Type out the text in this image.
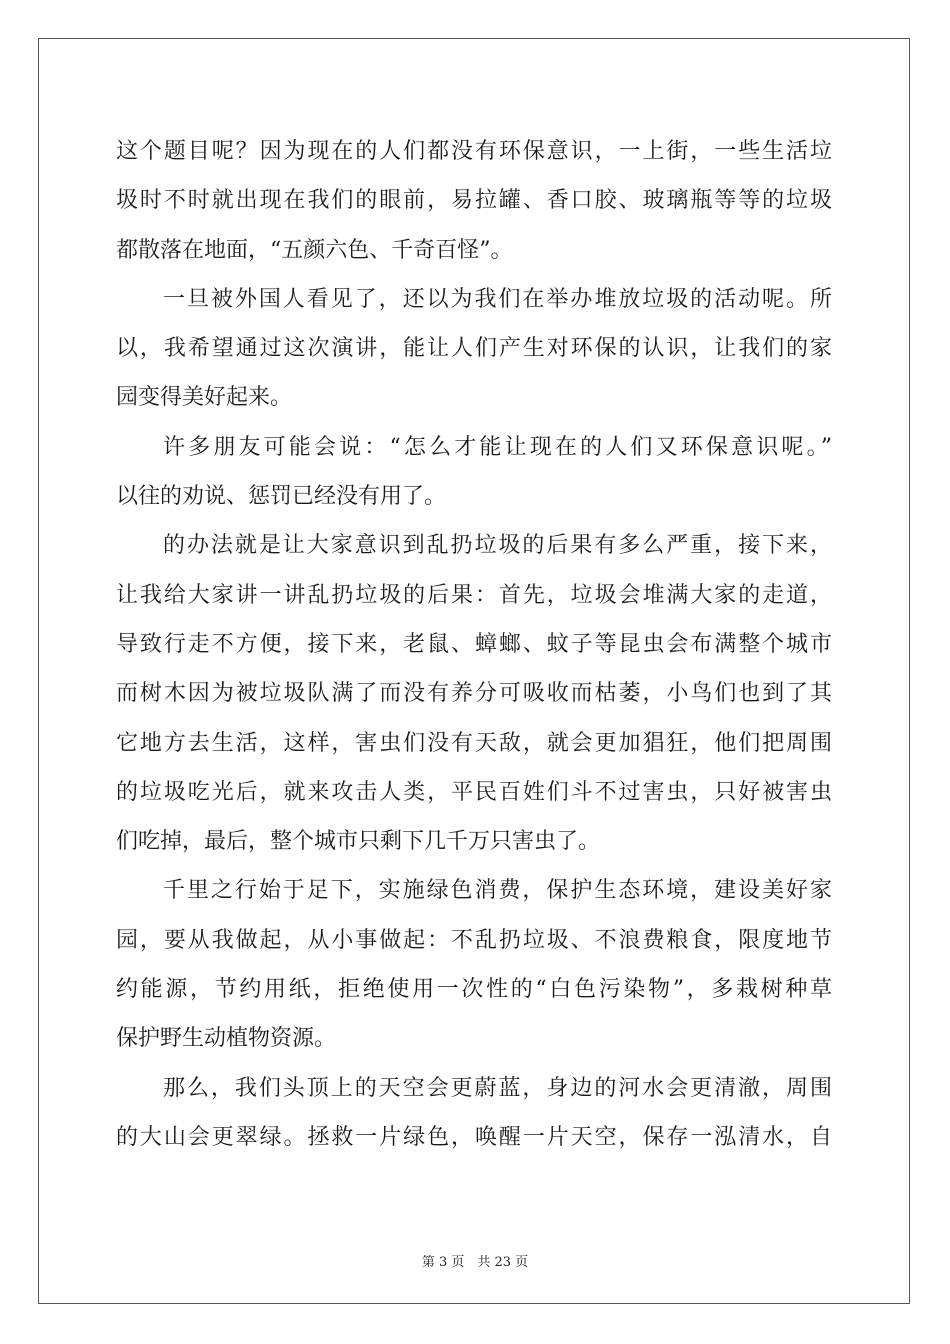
这个题目呢？因为现在的人们都没有环保意识，一上街，一些生活垃
圾时不时就出现在我们的眼前，易拉罐、香口胶、玻璃瓶等等的垃圾
都散落在地面，“五颜六色、千奇百怪”。
一旦被外国人看见了，还以为我们在举办堆放垃圾的活动呢。所
以，我希望通过这次演讲，能让人们产生对环保的认识，让我们的家
园变得美好起来。
许多朋友可能会说：“怎么才能让现在的人们又环保意识呢。”
以往的劝说、惩罚已经没有用了。
的办法就是让大家意识到乱扔垃圾的后果有多么严重，接下来，
让我给大家讲一讲乱扔垃圾的后果：首先，垃圾会堆满大家的走道，
导致行走不方便，接下来，老鼠、蟑螂、蚊子等昆虫会布满整个城市
而树木因为被垃圾队满了而没有养分可吸收而枯萎，小鸟们也到了其
它地方去生活，这样，害虫们没有天敌，就会更加猖狂，他们把周围
的垃圾吃光后，就来攻击人类，平民百姓们斗不过害虫，只好被害虫
们吃掉，最后，整个城市只剩下几千万只害虫了。
千里之行始于足下，实施绿色消费，保护生态环境，建设美好家
园，要从我做起，从小事做起：不乱扔垃圾、不浪费粮食，限度地节
约能源，节约用纸，拒绝使用一次性的“白色污染物”，多栽树种草
保护野生动植物资源。
那么，我们头顶上的天空会更蔚蓝，身边的河水会更清澈，周围
的大山会更翠绿。拯救一片绿色，唤醒一片天空，保存一泓清水，自
第 3 页　共 23 页
